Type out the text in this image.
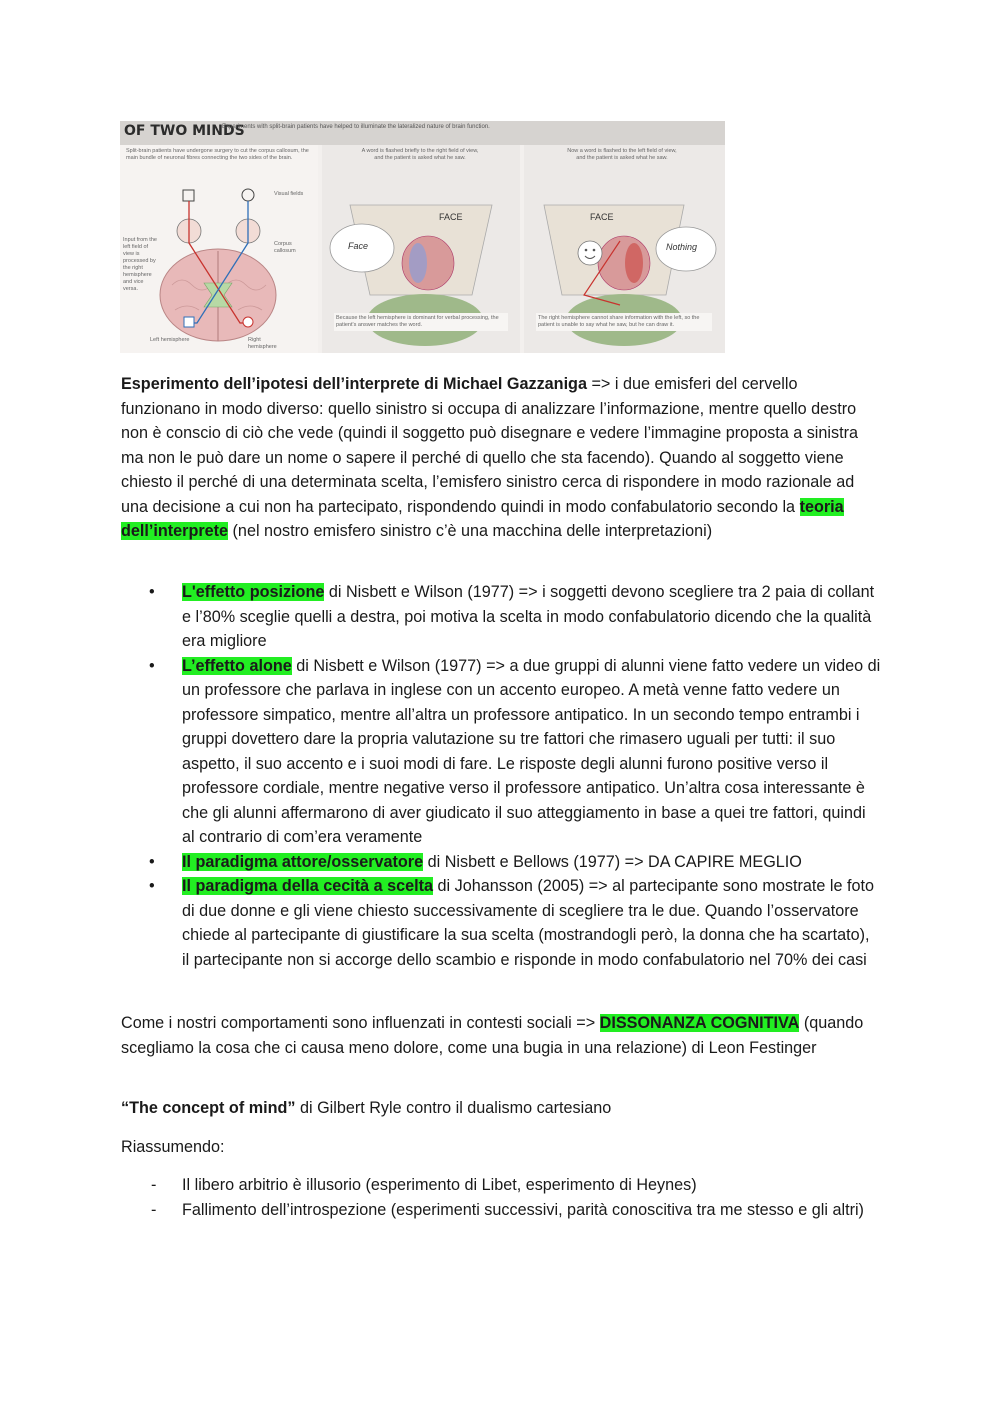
OF TWO MINDS
Experiments with split-brain patients have helped to illuminate the lateralized nature of brain function.
Split-brain patients have undergone surgery to cut the corpus callosum, the main bundle of neuronal fibres connecting the two sides of the brain.
Input from the left field of view is processed by the right hemisphere and vice versa.
Visual fields
Corpus callosum
Left hemisphere	Right hemisphere
A word is flashed briefly to the right field of view, and the patient is asked what he saw.
FACE
Face
Because the left hemisphere is dominant for verbal processing, the patient's answer matches the word.
Now a word is flashed to the left field of view, and the patient is asked what he saw.
FACE
Nothing
The right hemisphere cannot share information with the left, so the patient is unable to say what he saw, but he can draw it.
Esperimento dell’ipotesi dell’interprete di Michael Gazzaniga => i due emisferi del cervello funzionano in modo diverso: quello sinistro si occupa di analizzare l’informazione, mentre quello destro non è conscio di ciò che vede (quindi il soggetto può disegnare e vedere l’immagine proposta a sinistra ma non le può dare un nome o sapere il perché di quello che sta facendo). Quando al soggetto viene chiesto il perché di una determinata scelta, l’emisfero sinistro cerca di rispondere in modo razionale ad una decisione a cui non ha partecipato, rispondendo quindi in modo confabulatorio secondo la teoria dell’interprete (nel nostro emisfero sinistro c’è una macchina delle interpretazioni)
• L'effetto posizione di Nisbett e Wilson (1977) => i soggetti devono scegliere tra 2 paia di collant e l’80% sceglie quelli a destra, poi motiva la scelta in modo confabulatorio dicendo che la qualità era migliore
• L’effetto alone di Nisbett e Wilson (1977) => a due gruppi di alunni viene fatto vedere un video di un professore che parlava in inglese con un accento europeo. A metà venne fatto vedere un professore simpatico, mentre all’altra un professore antipatico. In un secondo tempo entrambi i gruppi dovettero dare la propria valutazione su tre fattori che rimasero uguali per tutti: il suo aspetto, il suo accento e i suoi modi di fare. Le risposte degli alunni furono positive verso il professore cordiale, mentre negative verso il professore antipatico. Un’altra cosa interessante è che gli alunni affermarono di aver giudicato il suo atteggiamento in base a quei tre fattori, quindi al contrario di com’era veramente
• Il paradigma attore/osservatore di Nisbett e Bellows (1977) => DA CAPIRE MEGLIO
• Il paradigma della cecità a scelta di Johansson (2005) => al partecipante sono mostrate le foto di due donne e gli viene chiesto successivamente di scegliere tra le due. Quando l’osservatore chiede al partecipante di giustificare la sua scelta (mostrandogli però, la donna che ha scartato), il partecipante non si accorge dello scambio e risponde in modo confabulatorio nel 70% dei casi
Come i nostri comportamenti sono influenzati in contesti sociali => DISSONANZA COGNITIVA (quando scegliamo la cosa che ci causa meno dolore, come una bugia in una relazione) di Leon Festinger
“The concept of mind” di Gilbert Ryle contro il dualismo cartesiano
Riassumendo:
- Il libero arbitrio è illusorio (esperimento di Libet, esperimento di Heynes)
- Fallimento dell’introspezione (esperimenti successivi, parità conoscitiva tra me stesso e gli altri)
